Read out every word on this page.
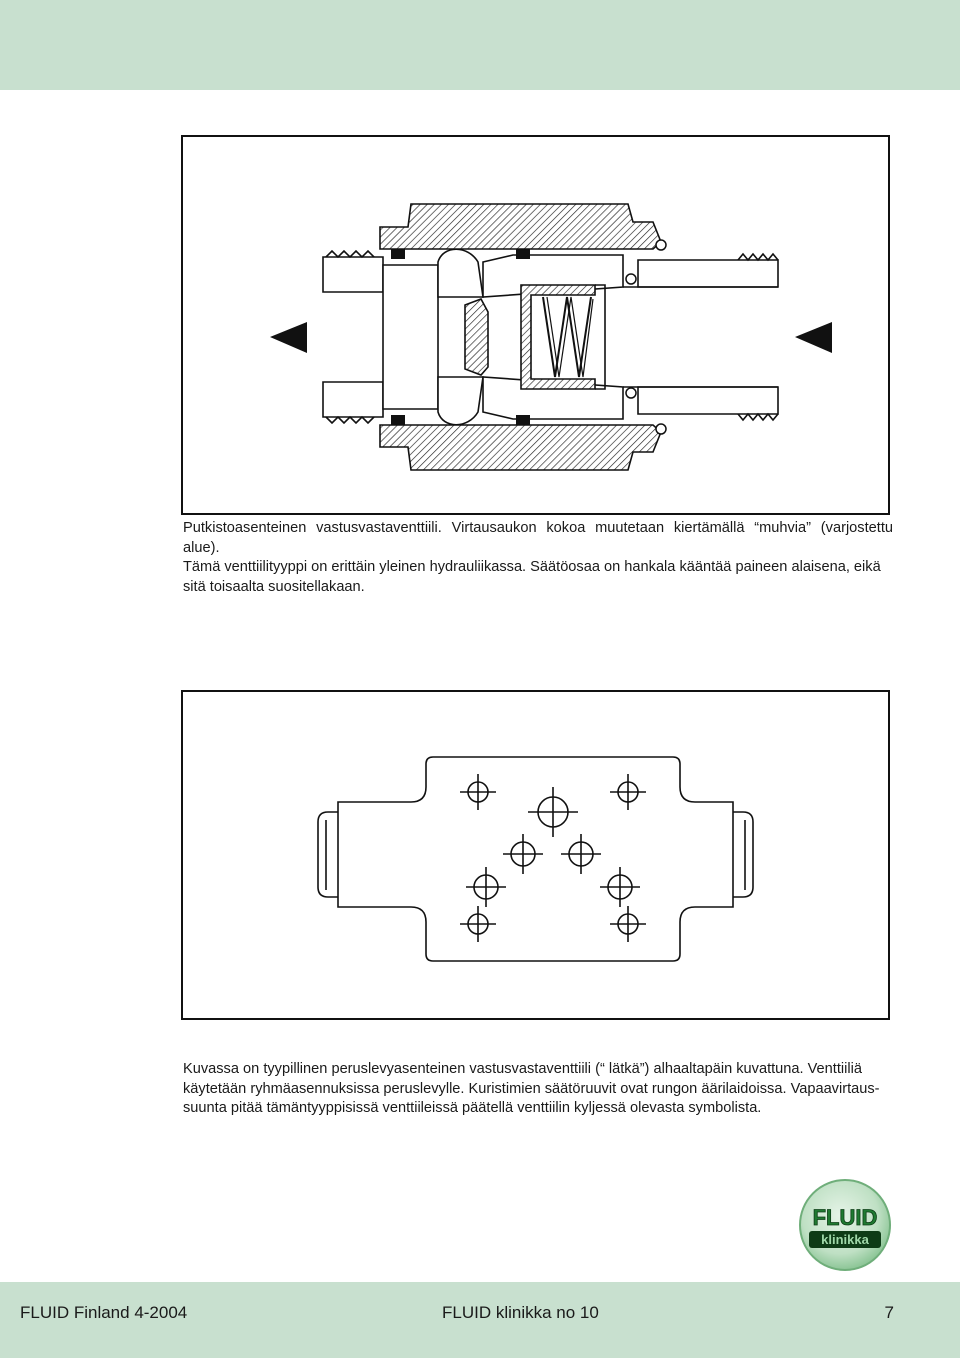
Putkistoasenteinen vastusvastaventtiili. Virtausaukon kokoa muutetaan kiertämällä “muhvia” (varjostettu alue).
Tämä venttiilityyppi on erittäin yleinen hydrauliikassa. Säätöosaa on hankala kääntää paineen alaisena, eikä
sitä toisaalta suositellakaan.
Kuvassa on tyypillinen peruslevyasenteinen vastusvastaventtiili (“ lätkä”) alhaaltapäin kuvattuna. Venttiiliä
käytetään ryhmäasennuksissa peruslevylle. Kuristimien säätöruuvit ovat rungon äärilaidoissa. Vapaavirtaus-
suunta pitää tämäntyyppisissä venttiileissä päätellä venttiilin kyljessä olevasta symbolista.
FLUID
klinikka
FLUID Finland 4-2004	FLUID klinikka no 10	7
